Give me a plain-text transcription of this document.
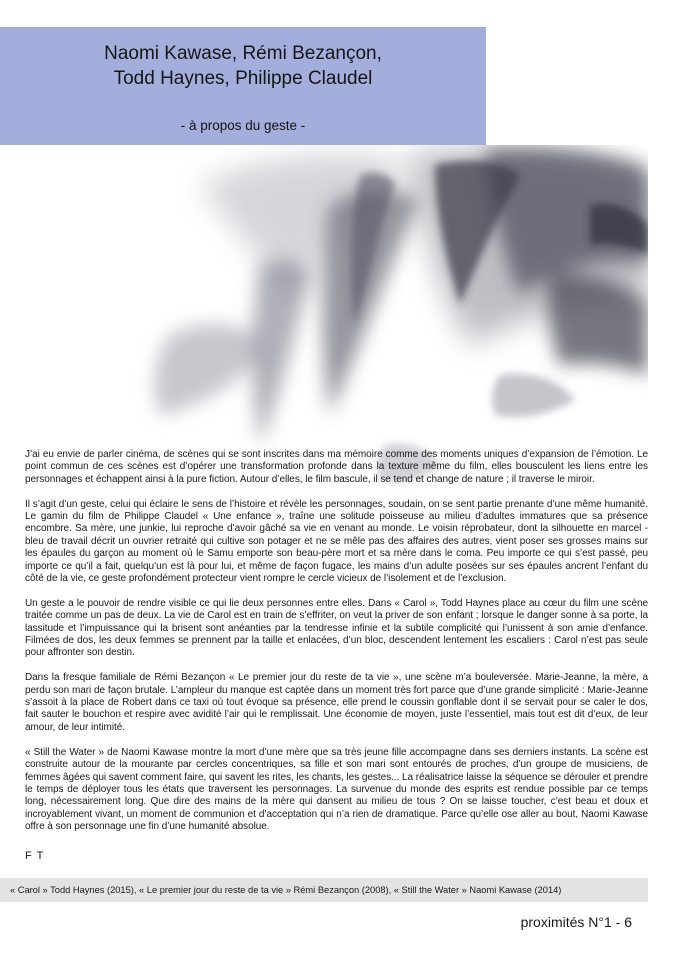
Naomi Kawase, Rémi Bezançon,
Todd Haynes, Philippe Claudel
- à propos du geste -

J’ai eu envie de parler cinéma, de scènes qui se sont inscrites dans ma mémoire comme des moments uniques d’expansion de l’émotion. Le point commun de ces scènes est d’opérer une transformation profonde dans la texture même du film, elles bousculent les liens entre les personnages et échappent ainsi à la pure fiction. Autour d’elles, le film bascule, il se tend et change de nature ; il traverse le miroir.

Il s’agit d’un geste, celui qui éclaire le sens de l’histoire et révèle les personnages, soudain, on se sent partie prenante d’une même humanité. Le gamin du film de Philippe Claudel « Une enfance », traîne une solitude poisseuse au milieu d’adultes immatures que sa présence encombre. Sa mère, une junkie, lui reproche d’avoir gâché sa vie en venant au monde. Le voisin réprobateur, dont la silhouette en marcel - bleu de travail décrit un ouvrier retraité qui cultive son potager et ne se mêle pas des affaires des autres, vient poser ses grosses mains sur les épaules du garçon au moment où le Samu emporte son beau-père mort et sa mère dans le coma. Peu importe ce qui s’est passé, peu importe ce qu’il a fait, quelqu’un est là pour lui, et même de façon fugace, les mains d’un adulte posées sur ses épaules ancrent l’enfant du côté de la vie, ce geste profondément protecteur vient rompre le cercle vicieux de l’isolement et de l’exclusion.

Un geste a le pouvoir de rendre visible ce qui lie deux personnes entre elles. Dans « Carol », Todd Haynes place au cœur du film une scène traitée comme un pas de deux. La vie de Carol est en train de s’effriter, on veut la priver de son enfant ; lorsque le danger sonne à sa porte, la lassitude et l’impuissance qui la brisent sont anéanties par la tendresse infinie et la subtile complicité qui l’unissent à son amie d’enfance. Filmées de dos, les deux femmes se prennent par la taille et enlacées, d’un bloc, descendent lentement les escaliers : Carol n’est pas seule pour affronter son destin.

Dans la fresque familiale de Rémi Bezançon « Le premier jour du reste de ta vie », une scène m’a bouleversée. Marie-Jeanne, la mère, a perdu son mari de façon brutale. L’ampleur du manque est captée dans un moment très fort parce que d’une grande simplicité : Marie-Jeanne s’assoit à la place de Robert dans ce taxi où tout évoque sa présence, elle prend le coussin gonflable dont il se servait pour se caler le dos, fait sauter le bouchon et respire avec avidité l’air qui le remplissait. Une économie de moyen, juste l’essentiel, mais tout est dit d’eux, de leur amour, de leur intimité.

« Still the Water » de Naomi Kawase montre la mort d’une mère que sa très jeune fille accompagne dans ses derniers instants. La scène est construite autour de la mourante par cercles concentriques, sa fille et son mari sont entourés de proches, d’un groupe de musiciens, de femmes âgées qui savent comment faire, qui savent les rites, les chants, les gestes... La réalisatrice laisse la séquence se dérouler et prendre le temps de déployer tous les états que traversent les personnages. La survenue du monde des esprits est rendue possible par ce temps long, nécessairement long. Que dire des mains de la mère qui dansent au milieu de tous ? On se laisse toucher, c’est beau et doux et incroyablement vivant, un moment de communion et d’acceptation qui n’a rien de dramatique. Parce qu’elle ose aller au bout, Naomi Kawase offre à son personnage une fin d’une humanité absolue.

F T
« Carol » Todd Haynes (2015), « Le premier jour du reste de ta vie » Rémi Bezançon (2008), « Still the Water » Naomi Kawase (2014)
proximités N°1 - 6
